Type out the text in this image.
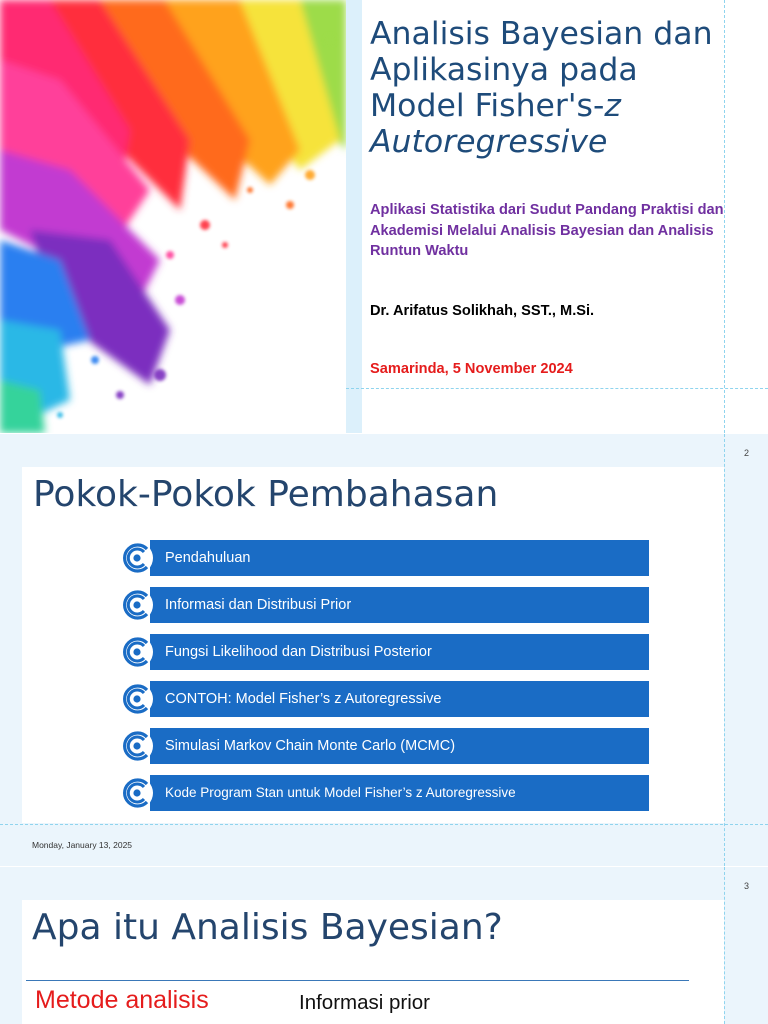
Analisis Bayesian dan
Aplikasinya pada
Model Fisher's-z
Autoregressive

Aplikasi Statistika dari Sudut Pandang Praktisi dan Akademisi Melalui Analisis Bayesian dan Analisis Runtun Waktu

Dr. Arifatus Solikhah, SST., M.Si.

Samarinda, 5 November 2024

2
Pokok-Pokok Pembahasan
Pendahuluan
Informasi dan Distribusi Prior
Fungsi Likelihood dan Distribusi Posterior
CONTOH: Model Fisher’s z Autoregressive
Simulasi Markov Chain Monte Carlo (MCMC)
Kode Program Stan untuk Model Fisher’s z Autoregressive
Monday, January 13, 2025
3
Apa itu Analisis Bayesian?
Metode analisis	Informasi prior
